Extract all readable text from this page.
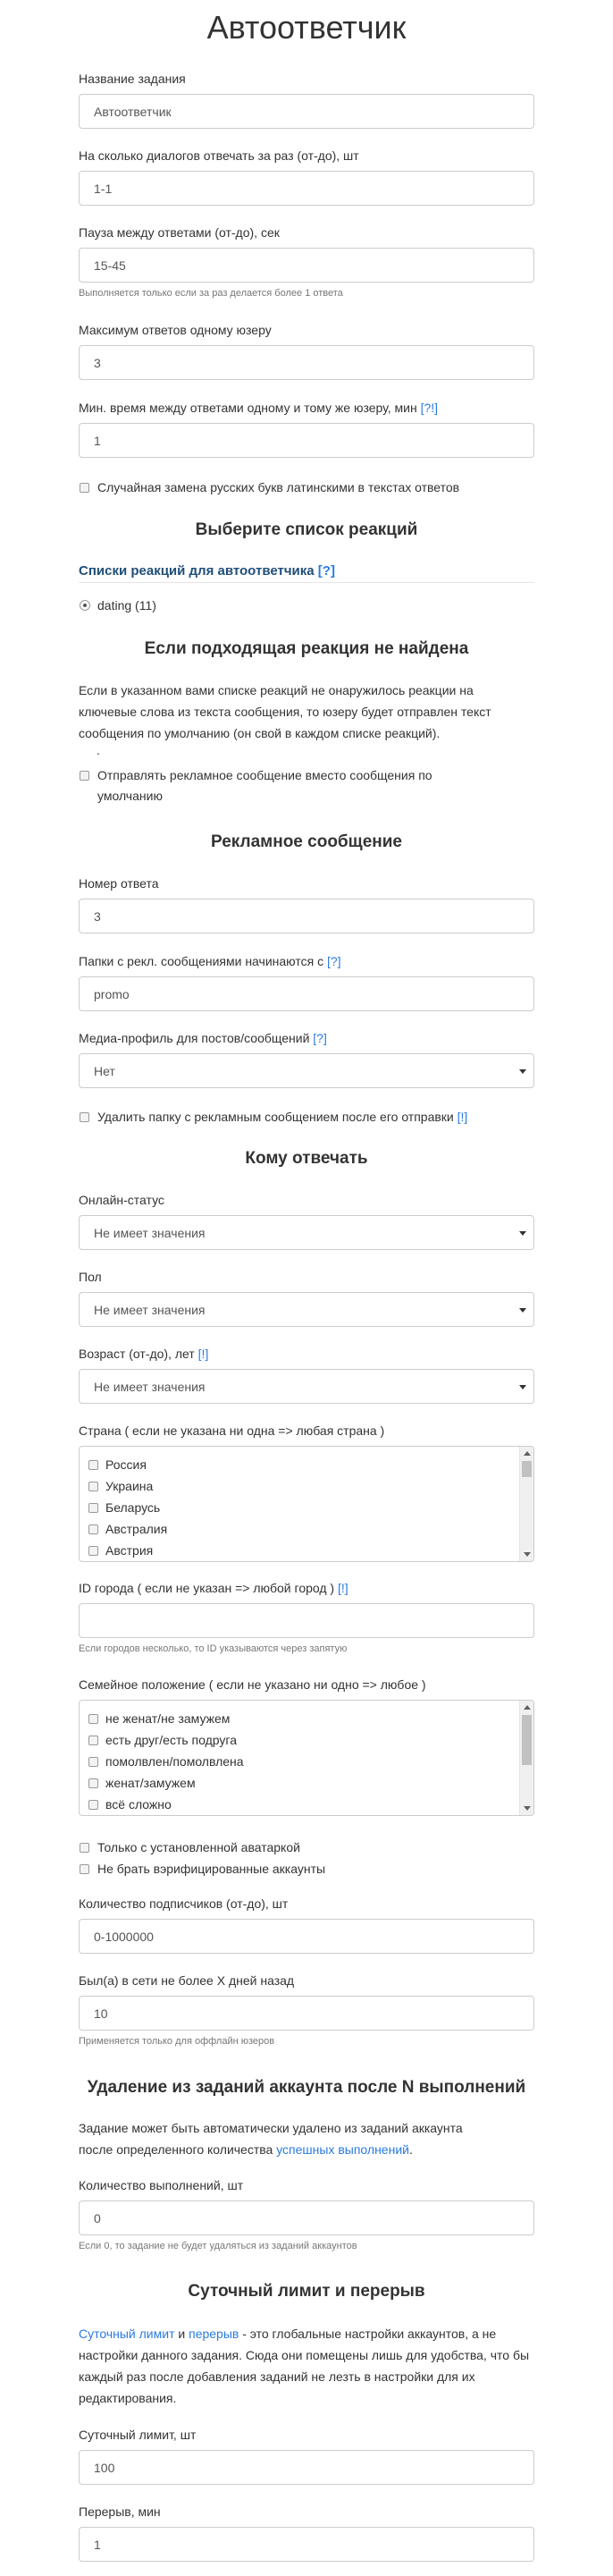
Автоответчик
Название задания
Автоответчик
На сколько диалогов отвечать за раз (от-до), шт
1-1
Пауза между ответами (от-до), сек
15-45
Выполняется только если за раз делается более 1 ответа
Максимум ответов одному юзеру
3
Мин. время между ответами одному и тому же юзеру, мин [?!]
1
Случайная замена русских букв латинскими в текстах ответов
Выберите список реакций
Списки реакций для автоответчика [?]
dating (11)
Если подходящая реакция не найдена
Если в указанном вами списке реакций не онаружилось реакции на ключевые слова из текста сообщения, то юзеру будет отправлен текст сообщения по умолчанию (он свой в каждом списке реакций).
.
Отправлять рекламное сообщение вместо сообщения по
умолчанию
Рекламное сообщение
Номер ответа
3
Папки с рекл. сообщениями начинаются с [?]
promo
Медиа-профиль для постов/сообщений [?]
Нет
Удалить папку с рекламным сообщением после его отправки [!]
Кому отвечать
Онлайн-статус
Не имеет значения
Пол
Не имеет значения
Возраст (от-до), лет [!]
Не имеет значения
Страна ( если не указана ни одна => любая страна )
Россия
Украина
Беларусь
Австралия
Австрия
ID города ( если не указан => любой город ) [!]
Если городов несколько, то ID указываются через запятую
Семейное положение ( если не указано ни одно => любое )
не женат/не замужем
есть друг/есть подруга
помолвлен/помолвлена
женат/замужем
всё сложно
Только с установленной аватаркой
Не брать вэрифицированные аккаунты
Количество подписчиков (от-до), шт
0-1000000
Был(а) в сети не более X дней назад
10
Применяется только для оффлайн юзеров
Удаление из заданий аккаунта после N выполнений
Задание может быть автоматически удалено из заданий аккаунта
после определенного количества успешных выполнений.
Количество выполнений, шт
0
Если 0, то задание не будет удаляться из заданий аккаунтов
Суточный лимит и перерыв
Суточный лимит и перерыв - это глобальные настройки аккаунтов, а не настройки данного задания. Сюда они помещены лишь для удобства, что бы каждый раз после добавления заданий не лезть в настройки для их редактирования.
Суточный лимит, шт
100
Перерыв, мин
1
